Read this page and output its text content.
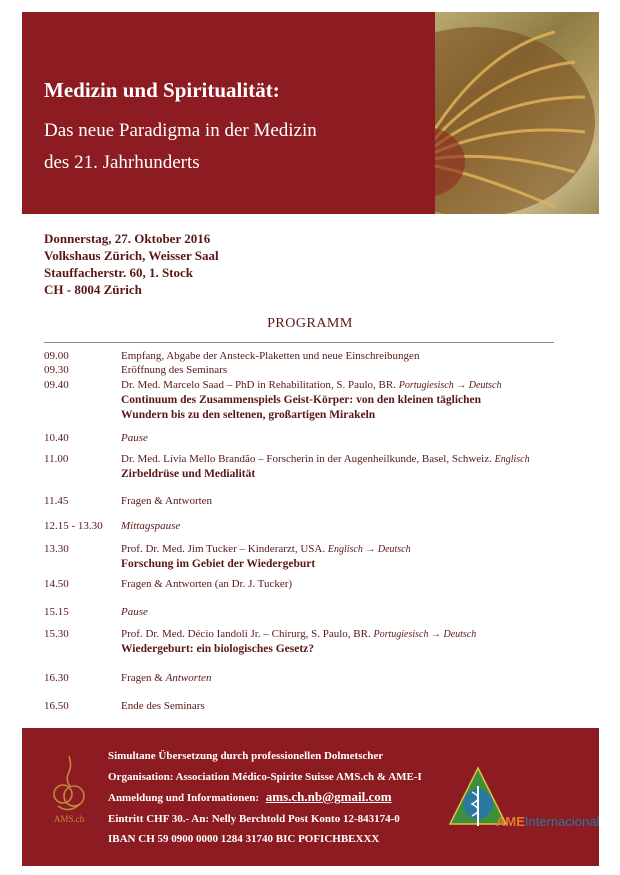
Medizin und Spiritualität:
Das neue Paradigma in der Medizin
des 21. Jahrhunderts
Donnerstag, 27. Oktober 2016
Volkshaus Zürich, Weisser Saal
Stauffacherstr. 60, 1. Stock
CH - 8004 Zürich
PROGRAMM
09.00	Empfang, Abgabe der Ansteck-Plaketten und neue Einschreibungen
09.30	Eröffnung des Seminars
09.40	Dr. Med. Marcelo Saad – PhD in Rehabilitation, S. Paulo, BR. Portugiesisch → Deutsch
Continuum des Zusammenspiels Geist-Körper: von den kleinen täglichen
Wundern bis zu den seltenen, großartigen Mirakeln
10.40	Pause
11.00	Dr. Med. Lívia Mello Brandão – Forscherin in der Augenheilkunde, Basel, Schweiz. Englisch
Zirbeldrüse und Medialität
11.45	Fragen & Antworten
12.15 - 13.30 Mittagspause
13.30	Prof. Dr. Med. Jim Tucker – Kinderarzt, USA. Englisch → Deutsch
Forschung im Gebiet der Wiedergeburt
14.50	Fragen & Antworten (an Dr. J. Tucker)
15.15	Pause
15.30	Prof. Dr. Med. Décio Iandoli Jr. – Chirurg, S. Paulo, BR. Portugiesisch → Deutsch
Wiedergeburt: ein biologisches Gesetz?
16.30	Fragen & Antworten
16.50	Ende des Seminars
AMS.ch
Simultane Übersetzung durch professionellen Dolmetscher
Organisation: Association Médico-Spirite Suisse AMS.ch & AME-I
Anmeldung und Informationen: ams.ch.nb@gmail.com
Eintritt CHF 30.- An: Nelly Berchtold Post Konto 12-843174-0
IBAN CH 59 0900 0000 1284 31740 BIC POFICHBEXXX
AMEInternacional
